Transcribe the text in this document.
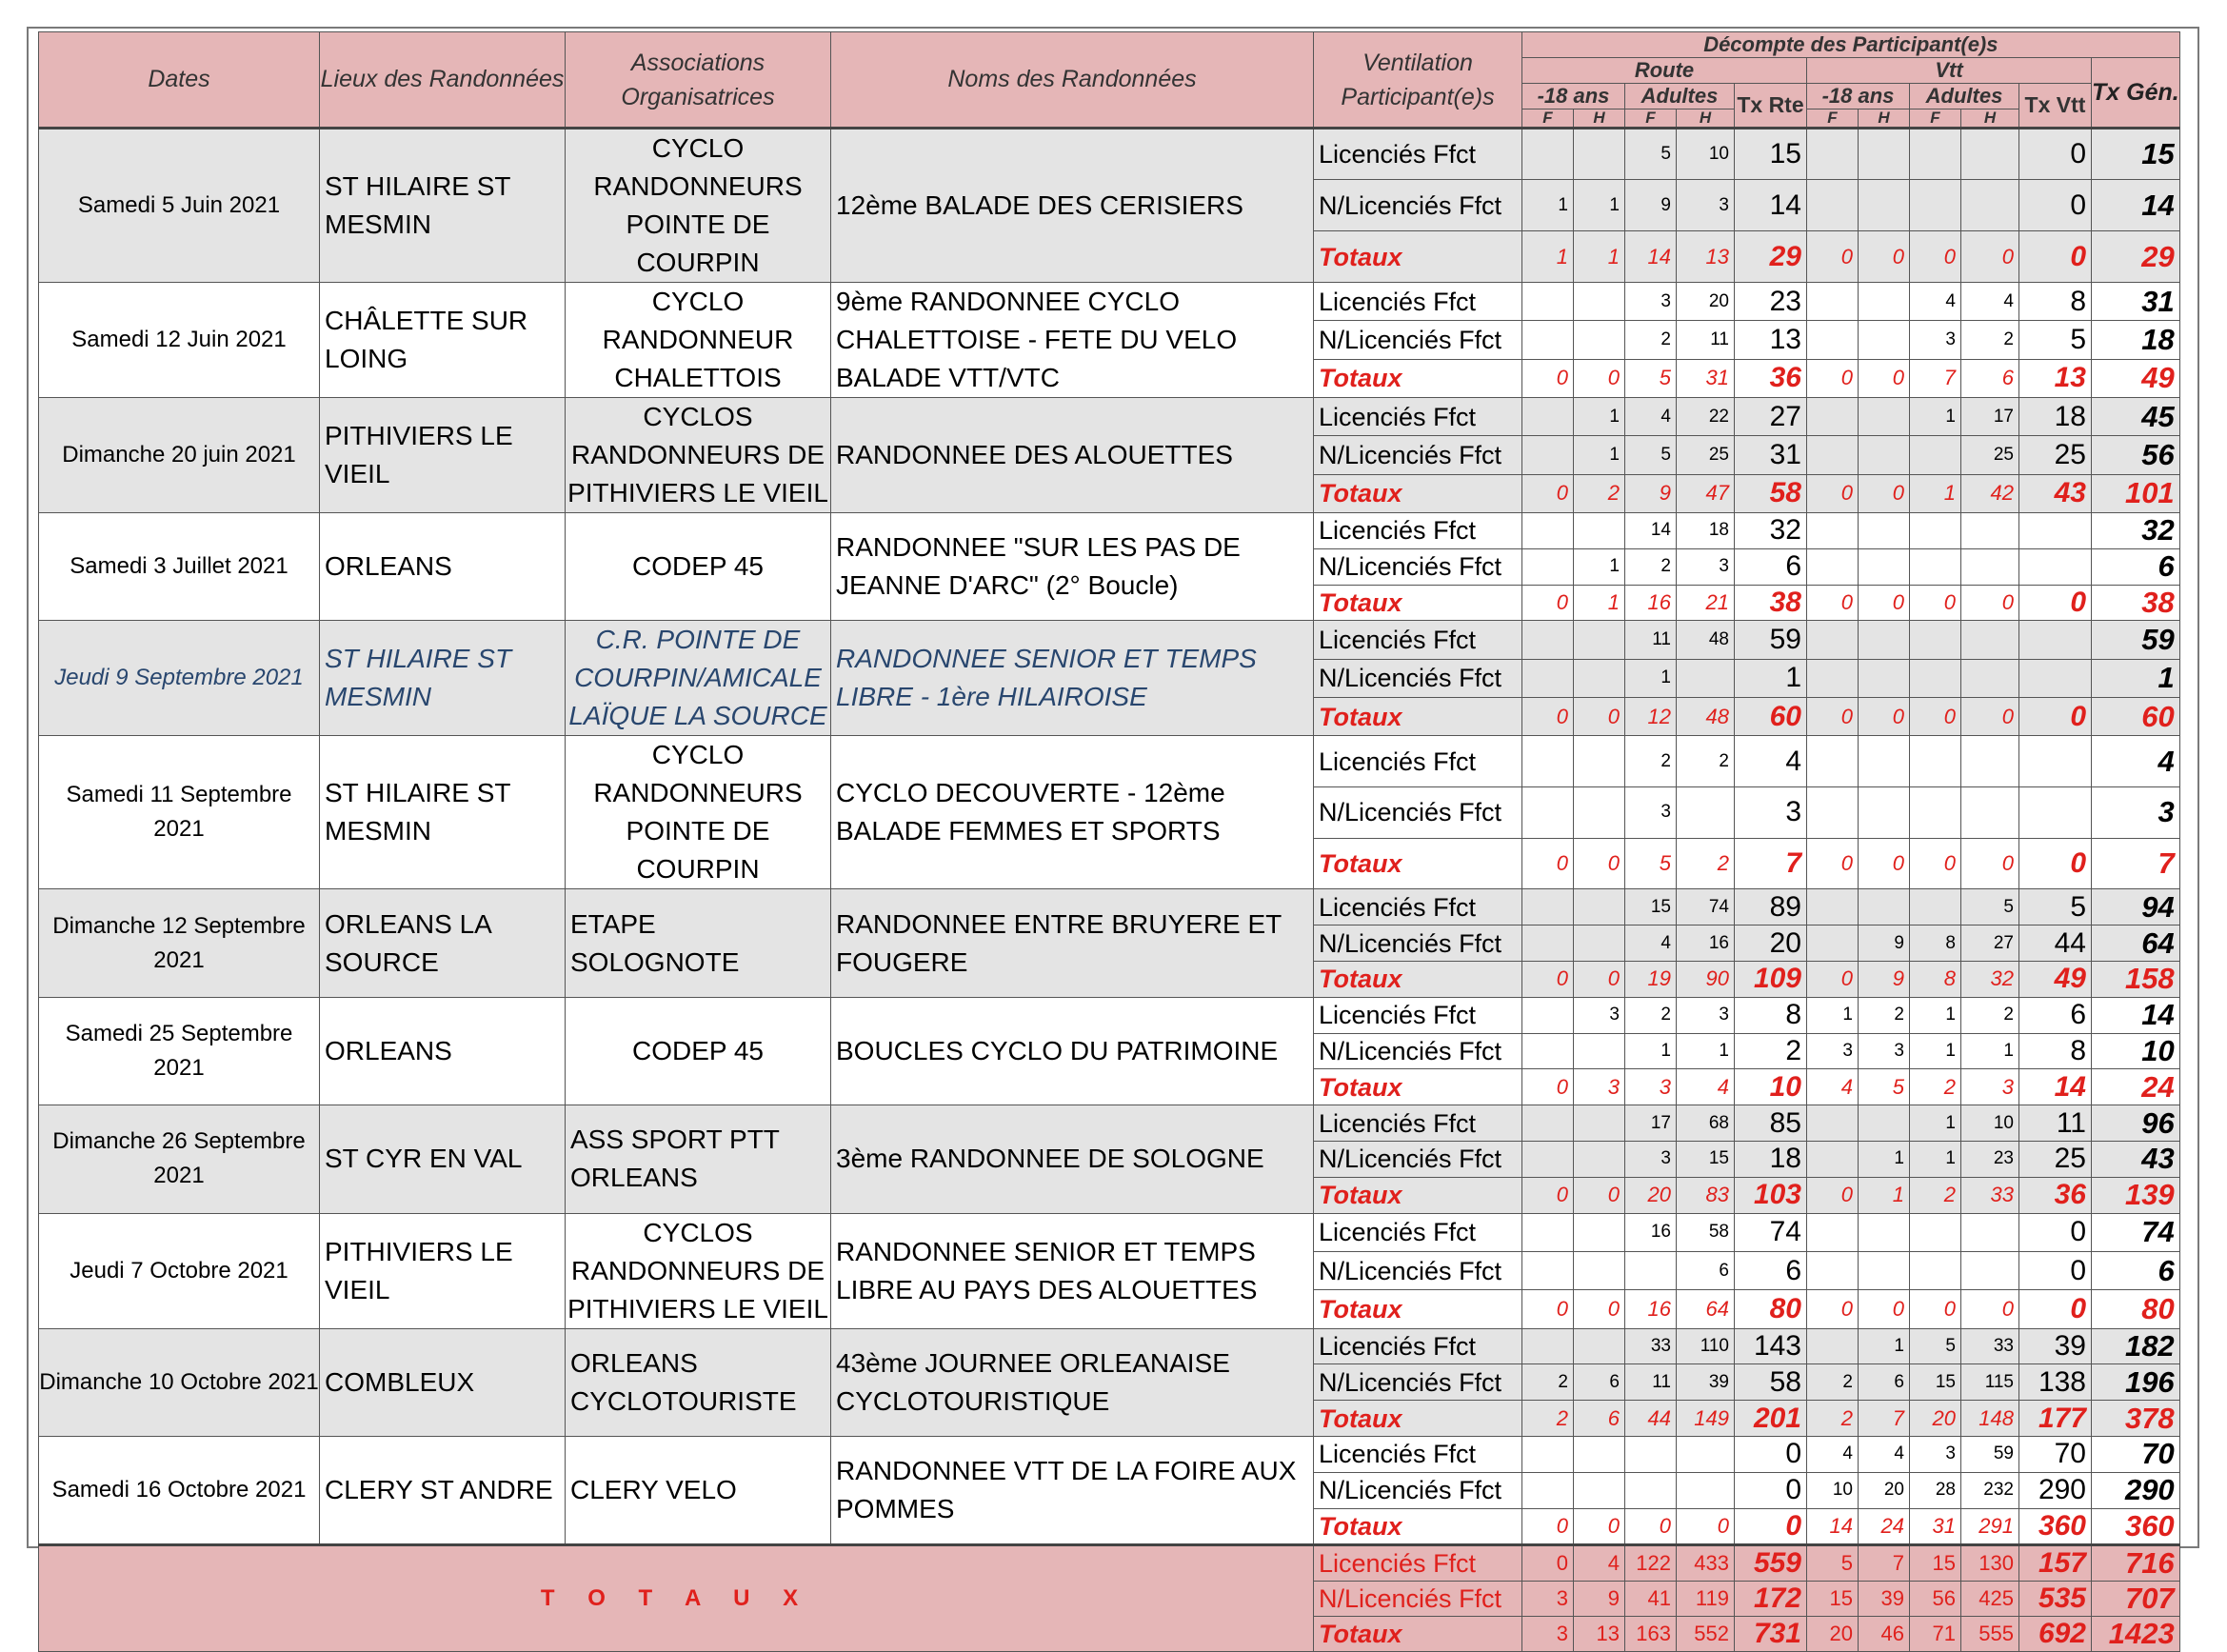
Dates	Lieux des Randonnées	Associations Organisatrices	Noms des Randonnées	Ventilation Participant(e)s	Décompte des Participant(e)s										
					Route					Vtt					Tx Gén.
					-18 ans		Adultes		Tx Rte	-18 ans		Adultes		Tx Vtt	
					F	H	F	H		F	H	F	H		
Samedi 5 Juin 2021	ST HILAIRE ST MESMIN	CYCLO RANDONNEURS POINTE DE COURPIN	12ème BALADE DES CERISIERS	Licenciés Ffct			5	10	15					0	15
				N/Licenciés Ffct	1	1	9	3	14					0	14
				Totaux	1	1	14	13	29	0	0	0	0	0	29
Samedi 12 Juin 2021	CHÂLETTE SUR LOING	CYCLO RANDONNEUR CHALETTOIS	9ème RANDONNEE CYCLO CHALETTOISE - FETE DU VELO BALADE VTT/VTC	Licenciés Ffct			3	20	23			4	4	8	31
				N/Licenciés Ffct			2	11	13			3	2	5	18
				Totaux	0	0	5	31	36	0	0	7	6	13	49
Dimanche 20 juin 2021	PITHIVIERS LE VIEIL	CYCLOS RANDONNEURS DE PITHIVIERS LE VIEIL	RANDONNEE DES ALOUETTES	Licenciés Ffct		1	4	22	27			1	17	18	45
				N/Licenciés Ffct		1	5	25	31				25	25	56
				Totaux	0	2	9	47	58	0	0	1	42	43	101
Samedi 3 Juillet 2021	ORLEANS	CODEP 45	RANDONNEE "SUR LES PAS DE JEANNE D'ARC" (2° Boucle)	Licenciés Ffct			14	18	32						32
				N/Licenciés Ffct		1	2	3	6						6
				Totaux	0	1	16	21	38	0	0	0	0	0	38
Jeudi 9 Septembre 2021	ST HILAIRE ST MESMIN	C.R. POINTE DE COURPIN/AMICALE LAÏQUE LA SOURCE	RANDONNEE SENIOR ET TEMPS LIBRE - 1ère HILAIROISE	Licenciés Ffct			11	48	59						59
				N/Licenciés Ffct			1		1						1
				Totaux	0	0	12	48	60	0	0	0	0	0	60
Samedi 11 Septembre 2021	ST HILAIRE ST MESMIN	CYCLO RANDONNEURS POINTE DE COURPIN	CYCLO DECOUVERTE - 12ème BALADE FEMMES ET SPORTS	Licenciés Ffct			2	2	4						4
				N/Licenciés Ffct			3		3						3
				Totaux	0	0	5	2	7	0	0	0	0	0	7
Dimanche 12 Septembre 2021	ORLEANS LA SOURCE	ETAPE SOLOGNOTE	RANDONNEE ENTRE BRUYERE ET FOUGERE	Licenciés Ffct			15	74	89				5	5	94
				N/Licenciés Ffct			4	16	20		9	8	27	44	64
				Totaux	0	0	19	90	109	0	9	8	32	49	158
Samedi 25 Septembre 2021	ORLEANS	CODEP 45	BOUCLES CYCLO DU PATRIMOINE	Licenciés Ffct		3	2	3	8	1	2	1	2	6	14
				N/Licenciés Ffct			1	1	2	3	3	1	1	8	10
				Totaux	0	3	3	4	10	4	5	2	3	14	24
Dimanche 26 Septembre 2021	ST CYR EN VAL	ASS SPORT PTT ORLEANS	3ème RANDONNEE DE SOLOGNE	Licenciés Ffct			17	68	85			1	10	11	96
				N/Licenciés Ffct			3	15	18		1	1	23	25	43
				Totaux	0	0	20	83	103	0	1	2	33	36	139
Jeudi 7 Octobre 2021	PITHIVIERS LE VIEIL	CYCLOS RANDONNEURS DE PITHIVIERS LE VIEIL	RANDONNEE SENIOR ET TEMPS LIBRE AU PAYS DES ALOUETTES	Licenciés Ffct			16	58	74					0	74
				N/Licenciés Ffct				6	6					0	6
				Totaux	0	0	16	64	80	0	0	0	0	0	80
Dimanche 10 Octobre 2021	COMBLEUX	ORLEANS CYCLOTOURISTE	43ème JOURNEE ORLEANAISE CYCLOTOURISTIQUE	Licenciés Ffct			33	110	143		1	5	33	39	182
				N/Licenciés Ffct	2	6	11	39	58	2	6	15	115	138	196
				Totaux	2	6	44	149	201	2	7	20	148	177	378
Samedi 16 Octobre 2021	CLERY ST ANDRE	CLERY VELO	RANDONNEE VTT DE LA FOIRE AUX POMMES	Licenciés Ffct					0	4	4	3	59	70	70
				N/Licenciés Ffct					0	10	20	28	232	290	290
				Totaux	0	0	0	0	0	14	24	31	291	360	360
T O T A U X				Licenciés Ffct	0	4	122	433	559	5	7	15	130	157	716
				N/Licenciés Ffct	3	9	41	119	172	15	39	56	425	535	707
				Totaux	3	13	163	552	731	20	46	71	555	692	1423
